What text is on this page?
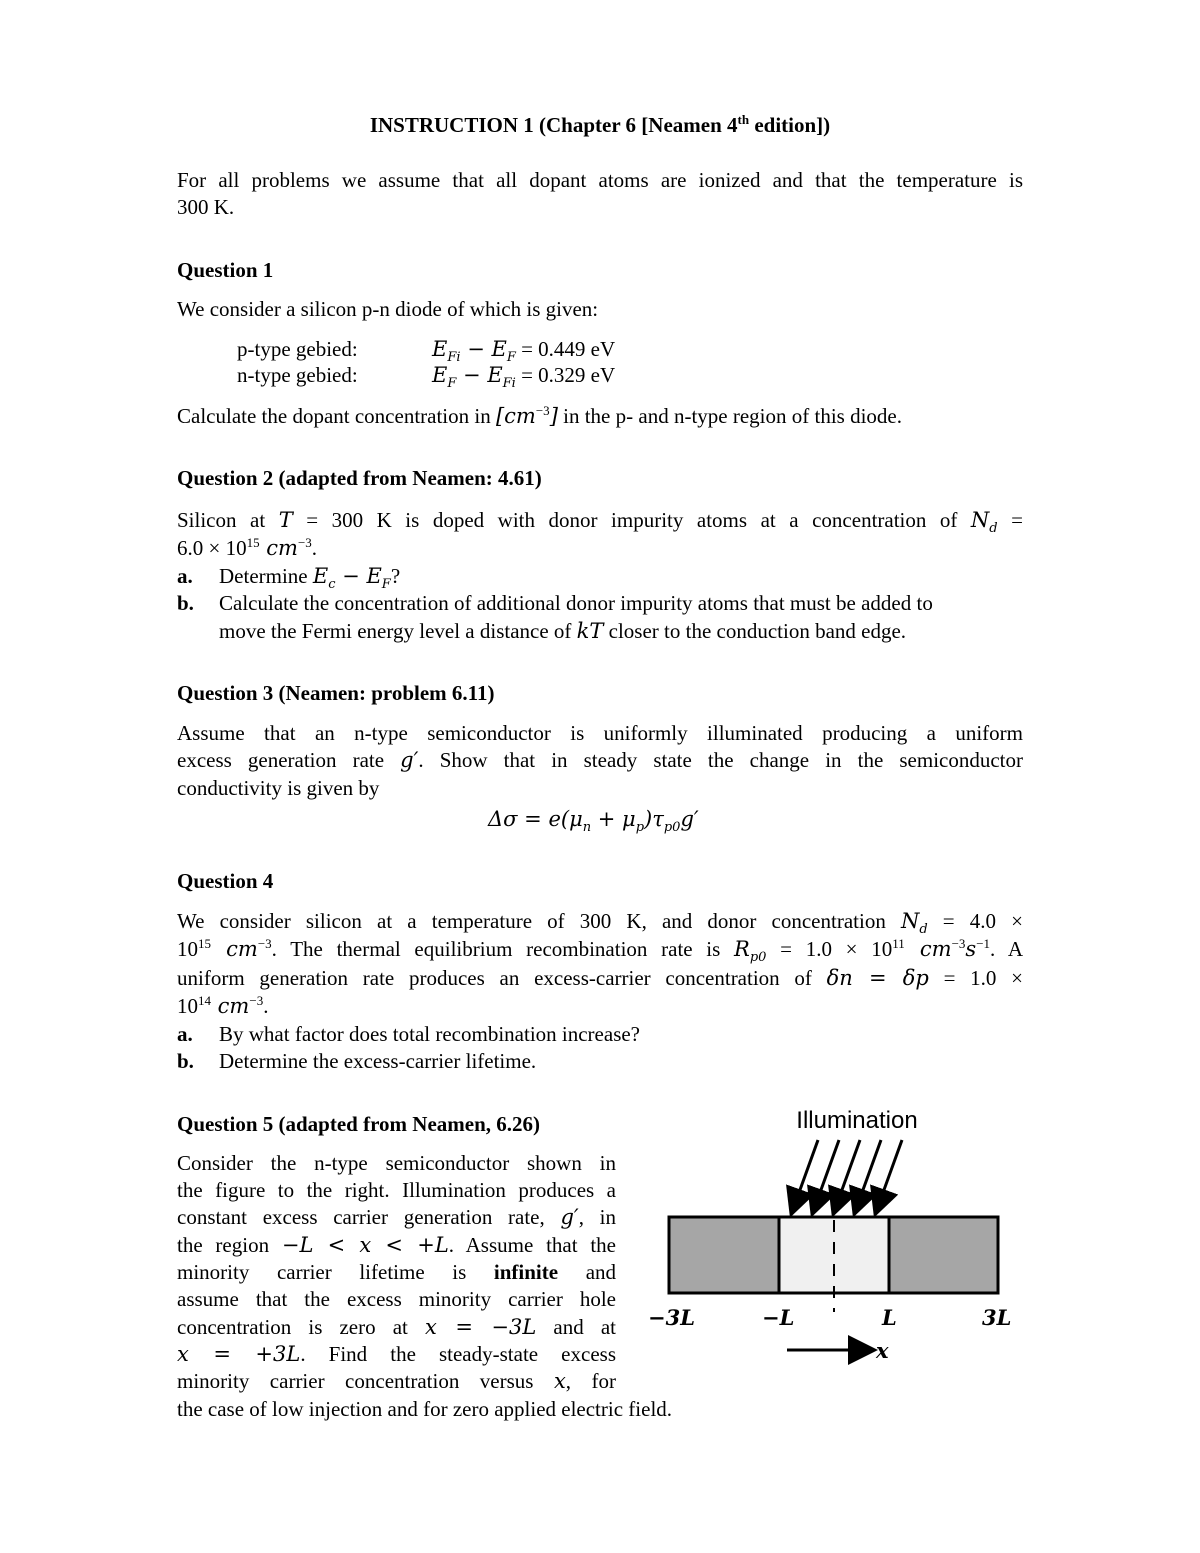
INSTRUCTION 1 (Chapter 6 [Neamen 4th edition])
For all problems we assume that all dopant atoms are ionized and that the temperature is
300 K.
Question 1
We consider a silicon p-n diode of which is given:
p-type gebied:	$E_{Fi} - E_F = 0.449$ eV
n-type gebied:	$E_F - E_{Fi} = 0.329$ eV
Calculate the dopant concentration in $[cm^{-3}]$ in the p- and n-type region of this diode.
Question 2 (adapted from Neamen: 4.61)
Silicon at T = 300 K is doped with donor impurity atoms at a concentration of $N_d$ =
$6.0 \times 10^{15}$ $cm^{-3}$.
a. Determine $E_c - E_F$?
b. Calculate the concentration of additional donor impurity atoms that must be added to
move the Fermi energy level a distance of kT closer to the conduction band edge.
Question 3 (Neamen: problem 6.11)
Assume that an n-type semiconductor is uniformly illuminated producing a uniform
excess generation rate g′. Show that in steady state the change in the semiconductor
conductivity is given by
$\Delta\sigma = e(\mu_n + \mu_p)\tau_{p0}g'$
Question 4
We consider silicon at a temperature of 300 K, and donor concentration $N_d = 4.0$ ×
$10^{15}$ $cm^{-3}$. The thermal equilibrium recombination rate is $R_{p0} = 1.0 \times 10^{11}$ $cm^{-3}s^{-1}$. A
uniform generation rate produces an excess-carrier concentration of δn = δp = 1.0 ×
$10^{14}$ $cm^{-3}$.
a. By what factor does total recombination increase?
b. Determine the excess-carrier lifetime.
Question 5 (adapted from Neamen, 6.26)
Consider the n-type semiconductor shown in
the figure to the right. Illumination produces a
constant excess carrier generation rate, g′, in
the region −L < x < +L. Assume that the
minority carrier lifetime is infinite and
assume that the excess minority carrier hole
concentration is zero at x = −3L and at
x = +3L. Find the steady-state excess
minority carrier concentration versus x, for
the case of low injection and for zero applied electric field.
Illumination
−3L	−L	L	3L
x
